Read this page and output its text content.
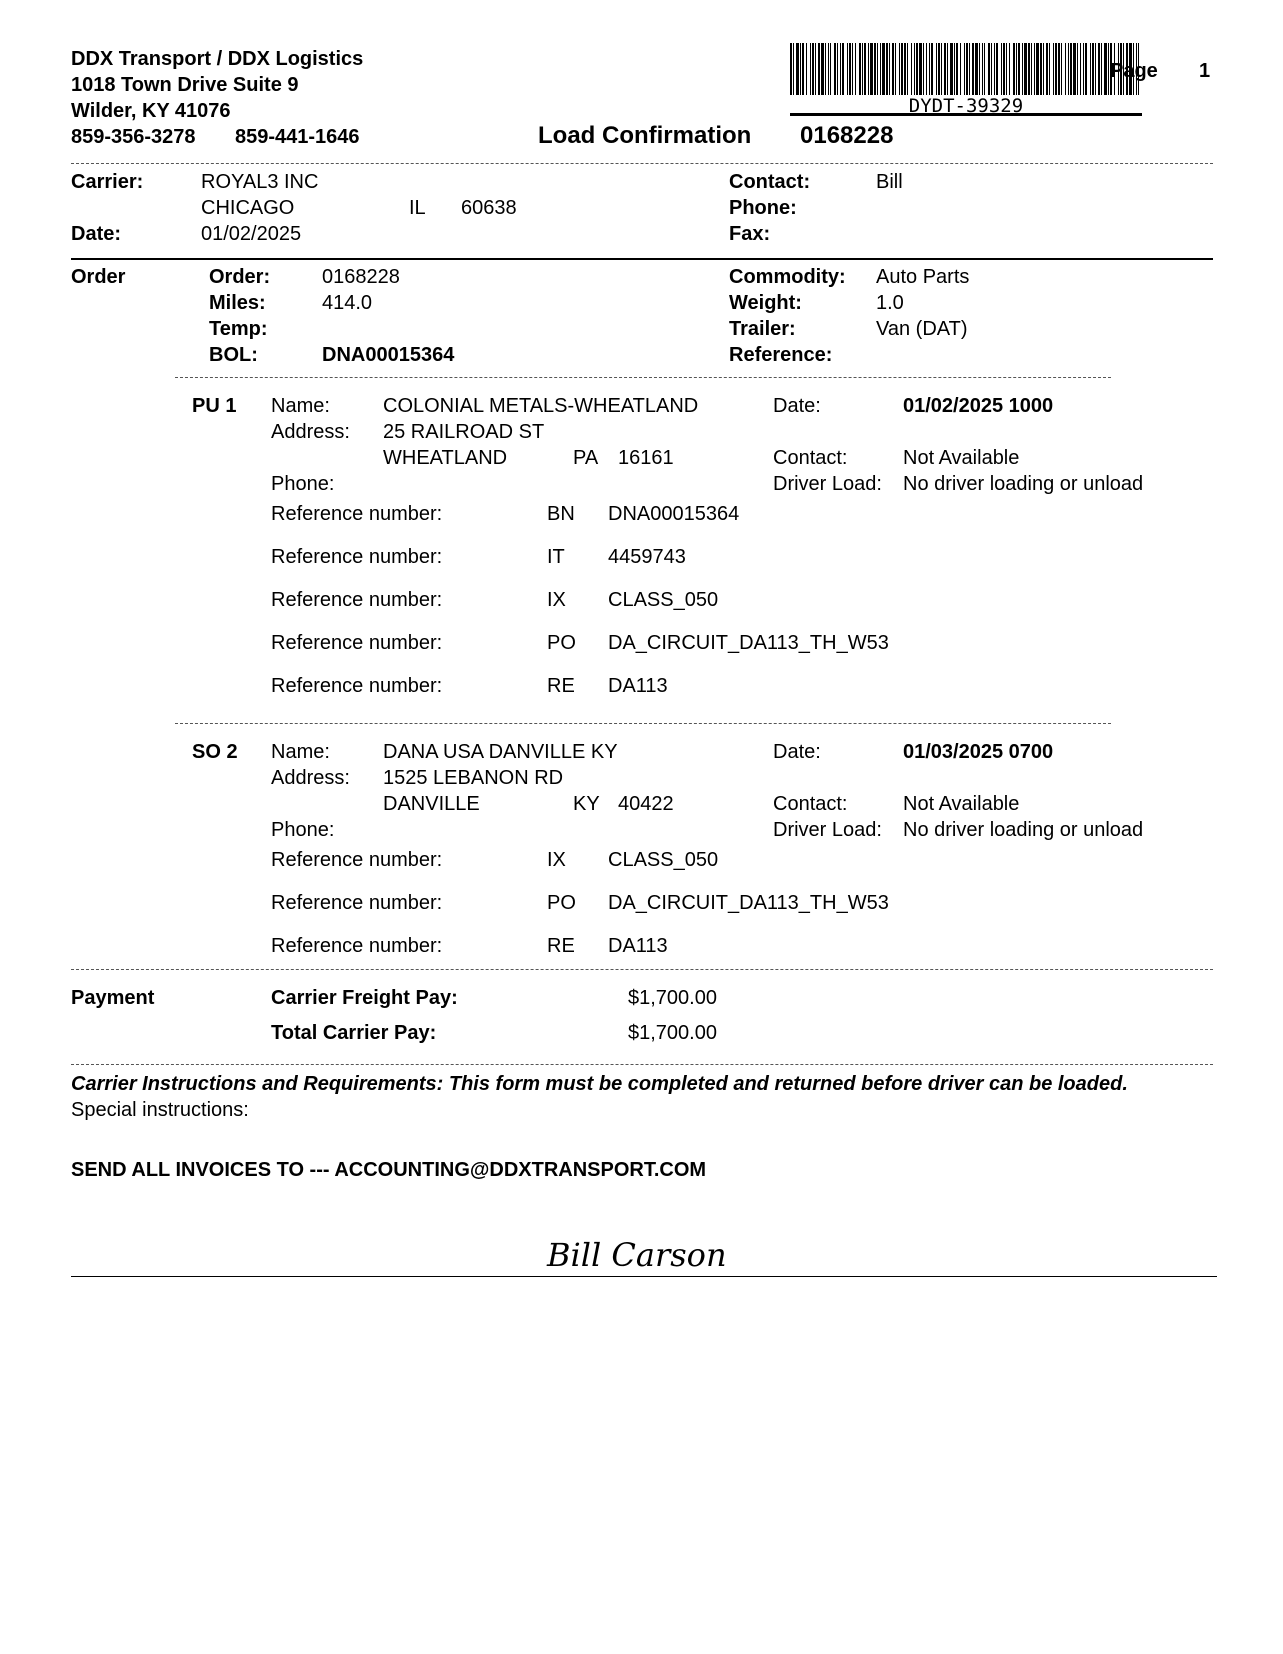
DDX Transport / DDX Logistics
1018 Town Drive Suite 9
Wilder, KY 41076
859-356-3278 859-441-1646
DYDT-39329
Page 1
Load Confirmation 0168228
Carrier:	ROYAL3 INC
CHICAGO	IL 60638
Date:	01/02/2025
Contact:	Bill
Phone:
Fax:
Order	Order:	0168228
Miles:	414.0
Temp:
BOL:	DNA00015364
Commodity: Auto Parts
Weight:	1.0
Trailer:	Van (DAT)
Reference:
PU 1 Name:	COLONIAL METALS-WHEATLAND
Address: 25 RAILROAD ST
WHEATLAND	PA 16161
Phone:
Date:	01/02/2025 1000
Contact:	Not Available
Driver Load: No driver loading or unload
Reference number:	BN DNA00015364
Reference number:	IT 4459743
Reference number:	IX CLASS_050
Reference number:	PO DA_CIRCUIT_DA113_TH_W53
Reference number:	RE DA113
SO 2 Name:	DANA USA DANVILLE KY
Address: 1525 LEBANON RD
DANVILLE	KY 40422
Phone:
Date:	01/03/2025 0700
Contact:	Not Available
Driver Load: No driver loading or unload
Reference number:	IX CLASS_050
Reference number:	PO DA_CIRCUIT_DA113_TH_W53
Reference number:	RE DA113
Payment	Carrier Freight Pay:	$1,700.00
Total Carrier Pay:	$1,700.00
Carrier Instructions and Requirements: This form must be completed and returned before driver can be loaded.
Special instructions:
SEND ALL INVOICES TO --- ACCOUNTING@DDXTRANSPORT.COM
Bill Carson
